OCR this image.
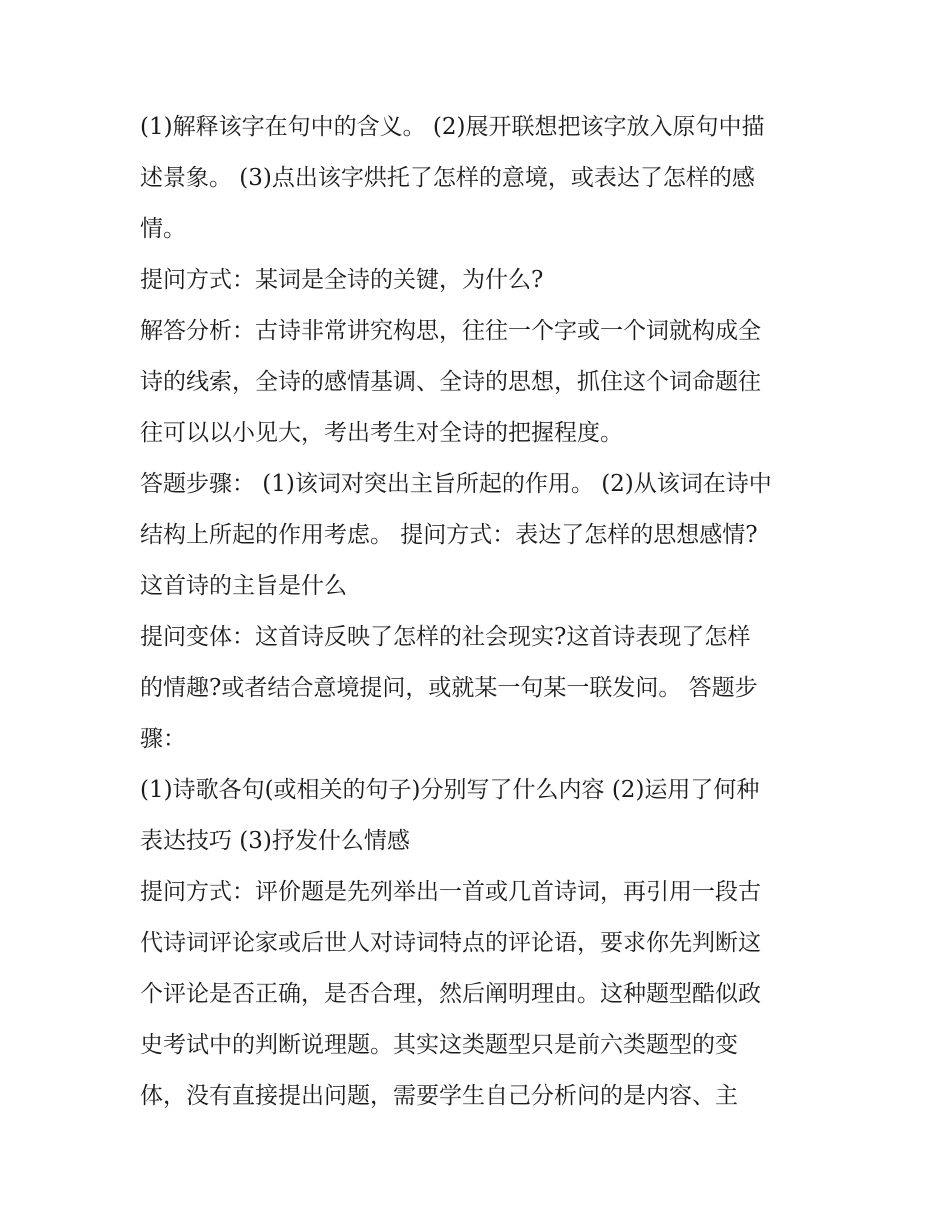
(1)解释该字在句中的含义。 (2)展开联想把该字放入原句中描
述景象。 (3)点出该字烘托了怎样的意境，或表达了怎样的感
情。
提问方式：某词是全诗的关键，为什么?
解答分析：古诗非常讲究构思，往往一个字或一个词就构成全
诗的线索，全诗的感情基调、全诗的思想，抓住这个词命题往
往可以以小见大，考出考生对全诗的把握程度。
答题步骤： (1)该词对突出主旨所起的作用。 (2)从该词在诗中
结构上所起的作用考虑。 提问方式：表达了怎样的思想感情?
这首诗的主旨是什么
提问变体：这首诗反映了怎样的社会现实?这首诗表现了怎样
的情趣?或者结合意境提问，或就某一句某一联发问。 答题步
骤：
(1)诗歌各句(或相关的句子)分别写了什么内容 (2)运用了何种
表达技巧 (3)抒发什么情感
提问方式：评价题是先列举出一首或几首诗词，再引用一段古
代诗词评论家或后世人对诗词特点的评论语，要求你先判断这
个评论是否正确，是否合理，然后阐明理由。这种题型酷似政
史考试中的判断说理题。其实这类题型只是前六类题型的变
体，没有直接提出问题，需要学生自己分析问的是内容、主
